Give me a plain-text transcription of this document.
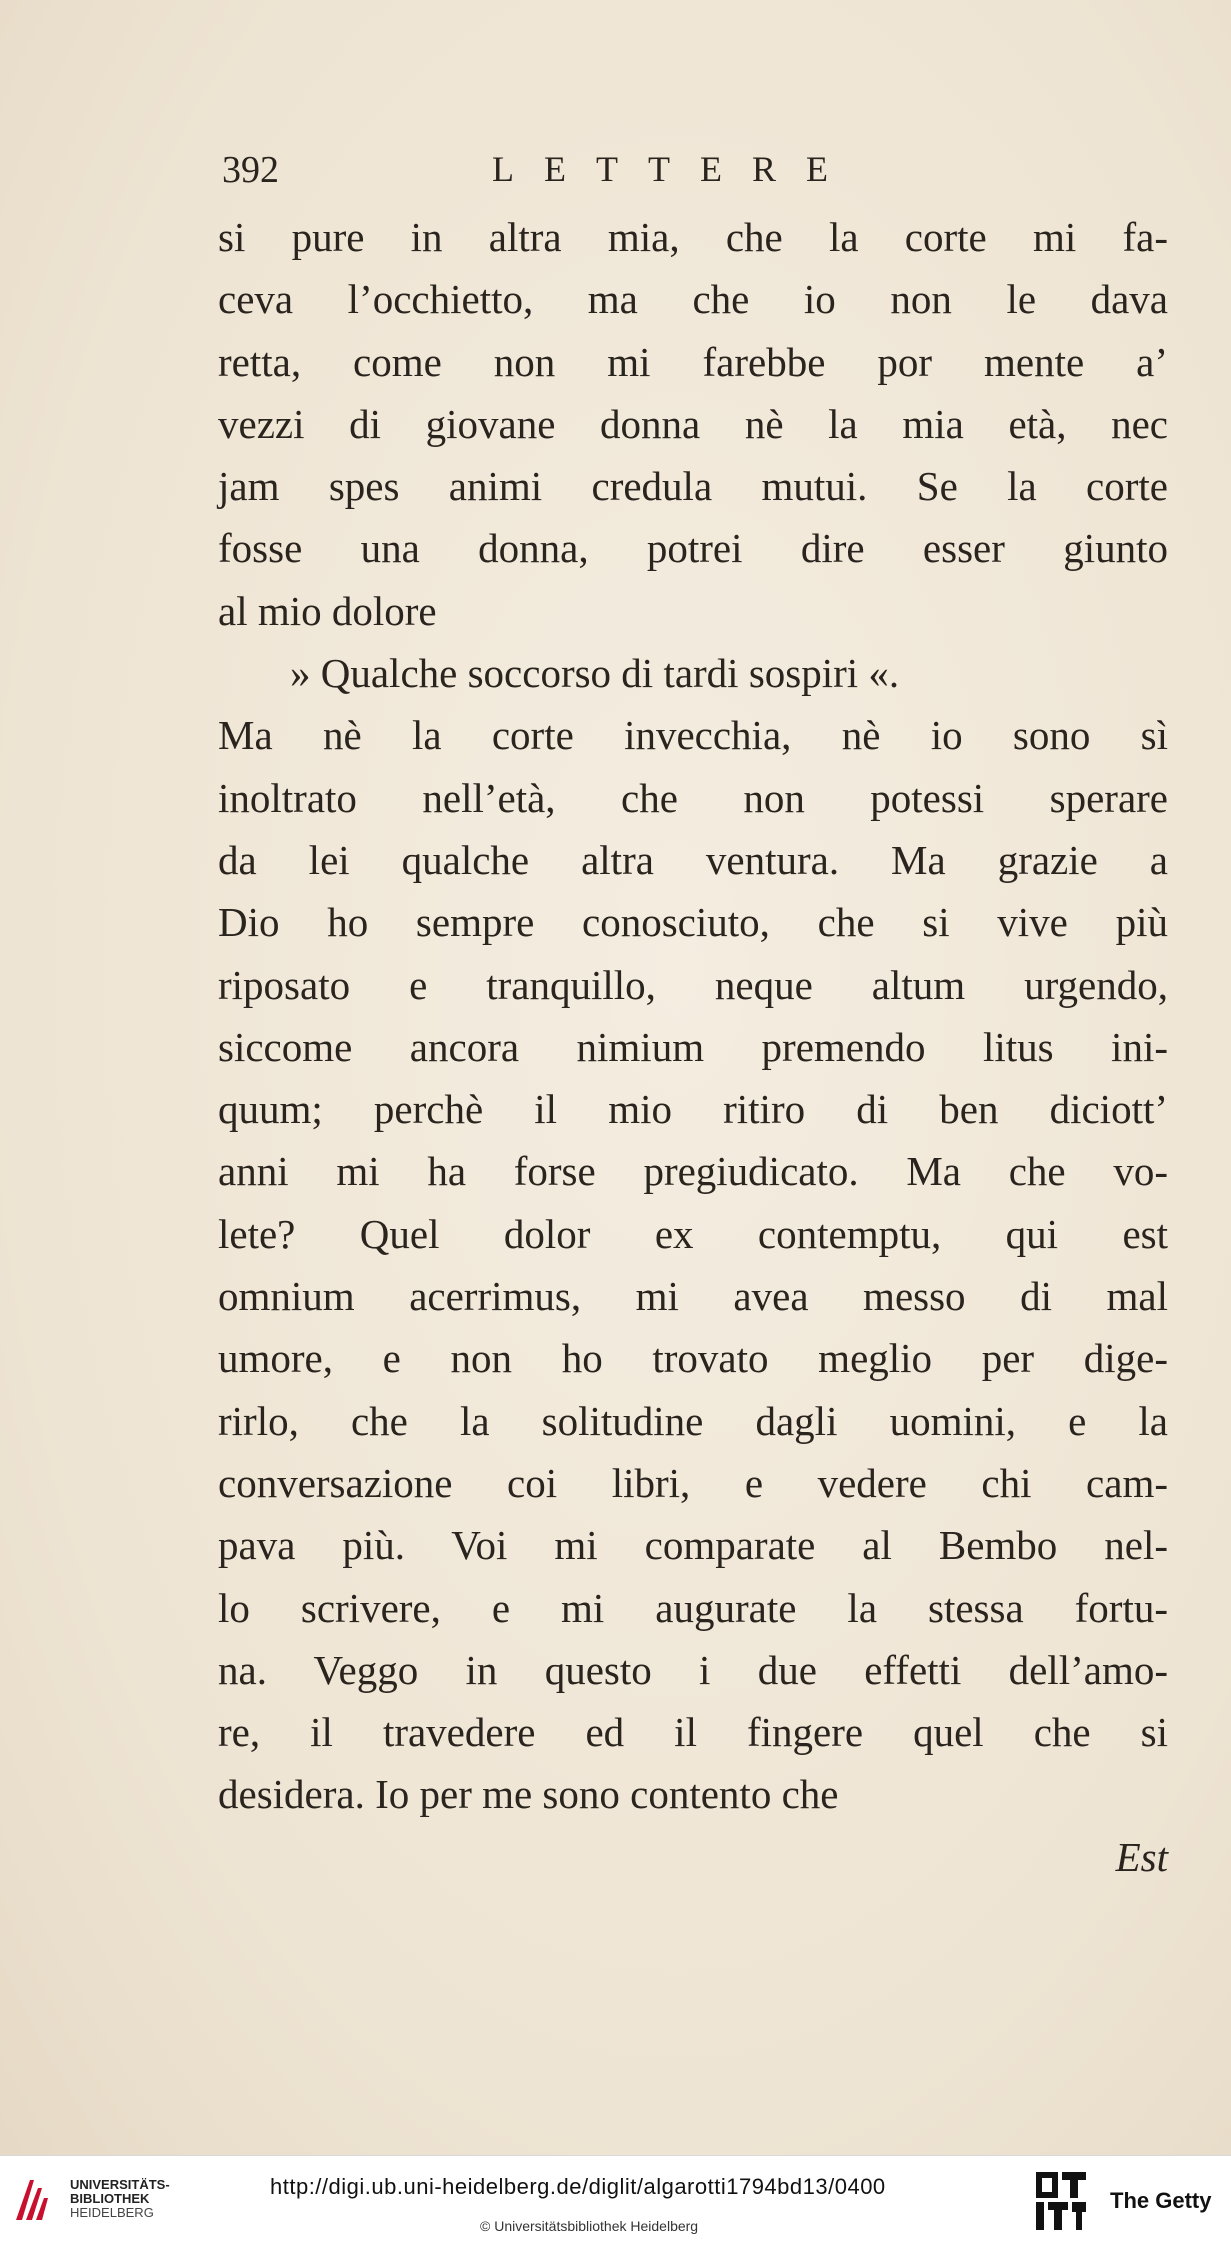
392	LETTERE
si pure in altra mia, che la corte mi fa-
ceva l’occhietto, ma che io non le dava
retta, come non mi farebbe por mente a’
vezzi di giovane donna nè la mia età, nec
jam spes animi credula mutui. Se la corte
fosse una donna, potrei dire esser giunto
al mio dolore
» Qualche soccorso di tardi sospiri «.
Ma nè la corte invecchia, nè io sono sì
inoltrato nell’età, che non potessi sperare
da lei qualche altra ventura. Ma grazie a
Dio ho sempre conosciuto, che si vive più
riposato e tranquillo, neque altum urgendo,
siccome ancora nimium premendo litus ini-
quum; perchè il mio ritiro di ben diciott’
anni mi ha forse pregiudicato. Ma che vo-
lete? Quel dolor ex contemptu, qui est
omnium acerrimus, mi avea messo di mal
umore, e non ho trovato meglio per dige-
rirlo, che la solitudine dagli uomini, e la
conversazione coi libri, e vedere chi cam-
pava più. Voi mi comparate al Bembo nel-
lo scrivere, e mi augurate la stessa fortu-
na. Veggo in questo i due effetti dell’amo-
re, il travedere ed il fingere quel che si
desidera. Io per me sono contento che
Est
UNIVERSITÄTS-
BIBLIOTHEK
HEIDELBERG
http://digi.ub.uni-heidelberg.de/diglit/algarotti1794bd13/0400
© Universitätsbibliothek Heidelberg
The Getty
